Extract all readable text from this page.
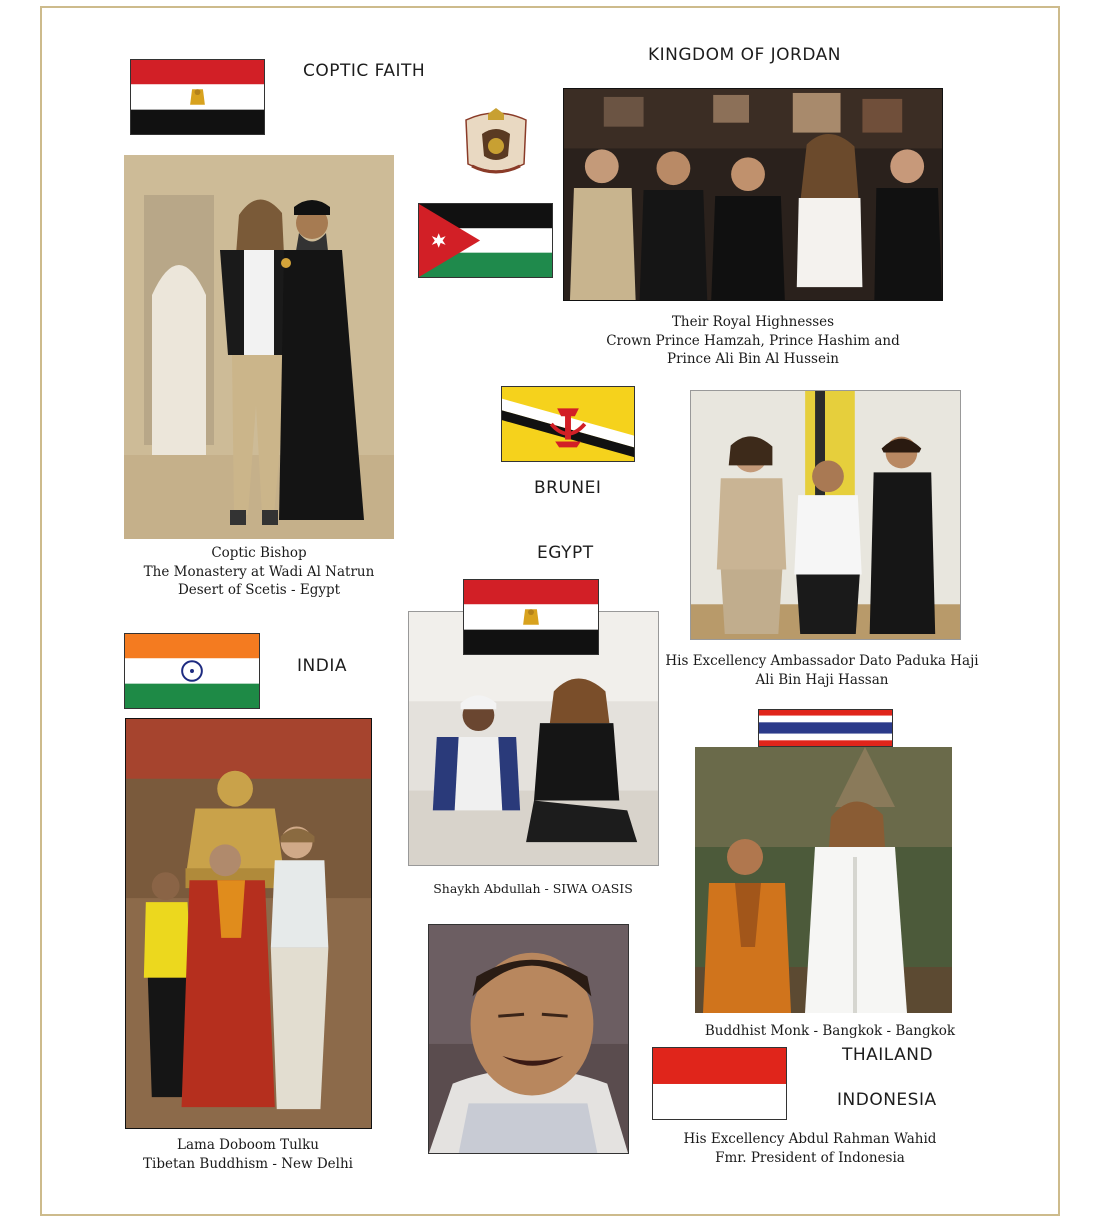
COPTIC FAITH
Coptic Bishop
The Monastery at Wadi Al Natrun
Desert of Scetis - Egypt
KINGDOM OF JORDAN
Their Royal Highnesses
Crown Prince Hamzah, Prince Hashim and
Prince Ali Bin Al Hussein
BRUNEI
His Excellency Ambassador Dato Paduka Haji
Ali Bin Haji Hassan
EGYPT
Shaykh Abdullah - SIWA OASIS
INDIA
Lama Doboom Tulku
Tibetan Buddhism - New Delhi
Buddhist Monk - Bangkok - Bangkok
THAILAND
INDONESIA
His Excellency Abdul Rahman Wahid
Fmr. President of Indonesia
